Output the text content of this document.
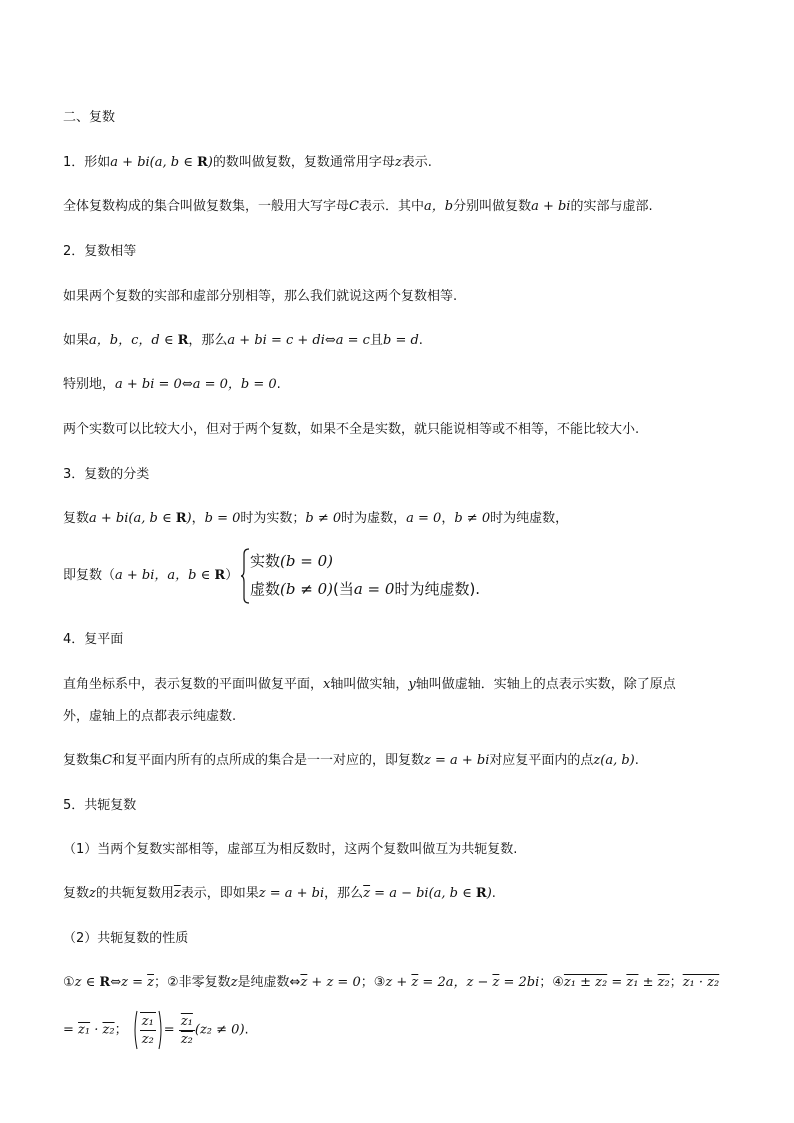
二、复数
1．形如a + bi(a, b ∈ R)的数叫做复数，复数通常用字母z表示.
全体复数构成的集合叫做复数集，一般用大写字母C表示．其中a，b分别叫做复数a + bi的实部与虚部.
2．复数相等
如果两个复数的实部和虚部分别相等，那么我们就说这两个复数相等.
如果a，b，c，d ∈ R，那么a + bi = c + di⇔a = c且b = d.
特别地，a + bi = 0⇔a = 0，b = 0.
两个实数可以比较大小，但对于两个复数，如果不全是实数，就只能说相等或不相等，不能比较大小.
3．复数的分类
复数a + bi(a, b ∈ R)，b = 0时为实数；b ≠ 0时为虚数，a = 0，b ≠ 0时为纯虚数，
即复数（a + bi，a，b ∈ R）
实数(b = 0)
虚数(b ≠ 0)(当a = 0时为纯虚数).
4．复平面
直角坐标系中，表示复数的平面叫做复平面，x轴叫做实轴，y轴叫做虚轴．实轴上的点表示实数，除了原点
外，虚轴上的点都表示纯虚数.
复数集C和复平面内所有的点所成的集合是一一对应的，即复数z = a + bi对应复平面内的点z(a, b).
5．共轭复数
（1）当两个复数实部相等，虚部互为相反数时，这两个复数叫做互为共轭复数.
复数z的共轭复数用$\overline{z}$表示，即如果z = a + bi，那么$\overline{z} = a - bi(a$, b ∈ R).
（2）共轭复数的性质
①z ∈ R⇔z = $\overline{z}$；②非零复数z是纯虚数$\Leftrightarrow\overline{z} + z = 0$；③z + $\overline{z} = 2a$，$z - \overline{z} = 2bi$；④z₁ ± z₂ = z₁ ± z₂；z₁ · z₂
= z₁ · z₂； $\frac{\text{z₁}}{\text{z₂}} = \frac{\text{z₁}}{\text{z₂}} (z_2 \ne 0)$.
